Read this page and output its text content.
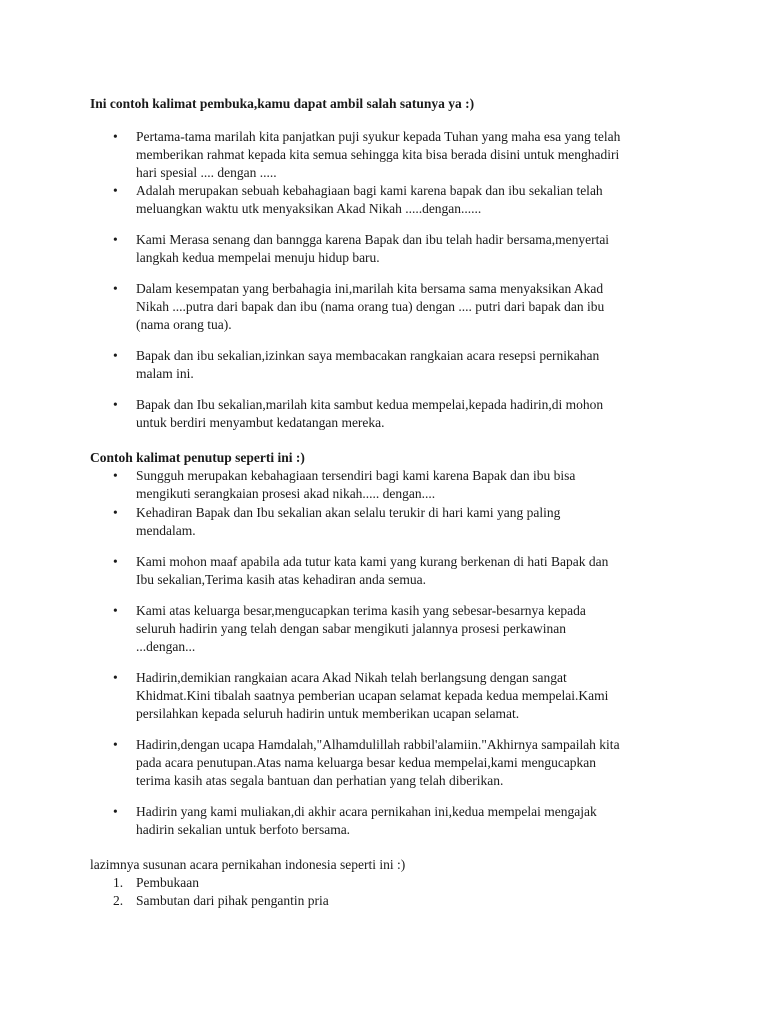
Ini contoh kalimat pembuka,kamu dapat ambil salah satunya ya :)
• Pertama-tama marilah kita panjatkan puji syukur kepada Tuhan yang maha esa yang telah
memberikan rahmat kepada kita semua sehingga kita bisa berada disini untuk menghadiri
hari spesial .... dengan .....
• Adalah merupakan sebuah kebahagiaan bagi kami karena bapak dan ibu sekalian telah
meluangkan waktu utk menyaksikan Akad Nikah .....dengan......
• Kami Merasa senang dan banngga karena Bapak dan ibu telah hadir bersama,menyertai
langkah kedua mempelai menuju hidup baru.
• Dalam kesempatan yang berbahagia ini,marilah kita bersama sama menyaksikan Akad
Nikah ....putra dari bapak dan ibu (nama orang tua) dengan .... putri dari bapak dan ibu
(nama orang tua).
• Bapak dan ibu sekalian,izinkan saya membacakan rangkaian acara resepsi pernikahan
malam ini.
• Bapak dan Ibu sekalian,marilah kita sambut kedua mempelai,kepada hadirin,di mohon
untuk berdiri menyambut kedatangan mereka.
Contoh kalimat penutup seperti ini :)
• Sungguh merupakan kebahagiaan tersendiri bagi kami karena Bapak dan ibu bisa
mengikuti serangkaian prosesi akad nikah..... dengan....
• Kehadiran Bapak dan Ibu sekalian akan selalu terukir di hari kami yang paling
mendalam.
• Kami mohon maaf apabila ada tutur kata kami yang kurang berkenan di hati Bapak dan
Ibu sekalian,Terima kasih atas kehadiran anda semua.
• Kami atas keluarga besar,mengucapkan terima kasih yang sebesar-besarnya kepada
seluruh hadirin yang telah dengan sabar mengikuti jalannya prosesi perkawinan
...dengan...
• Hadirin,demikian rangkaian acara Akad Nikah telah berlangsung dengan sangat
Khidmat.Kini tibalah saatnya pemberian ucapan selamat kepada kedua mempelai.Kami
persilahkan kepada seluruh hadirin untuk memberikan ucapan selamat.
• Hadirin,dengan ucapa Hamdalah,"Alhamdulillah rabbil'alamiin."Akhirnya sampailah kita
pada acara penutupan.Atas nama keluarga besar kedua mempelai,kami mengucapkan
terima kasih atas segala bantuan dan perhatian yang telah diberikan.
• Hadirin yang kami muliakan,di akhir acara pernikahan ini,kedua mempelai mengajak
hadirin sekalian untuk berfoto bersama.
lazimnya susunan acara pernikahan indonesia seperti ini :)
1. Pembukaan
2. Sambutan dari pihak pengantin pria
